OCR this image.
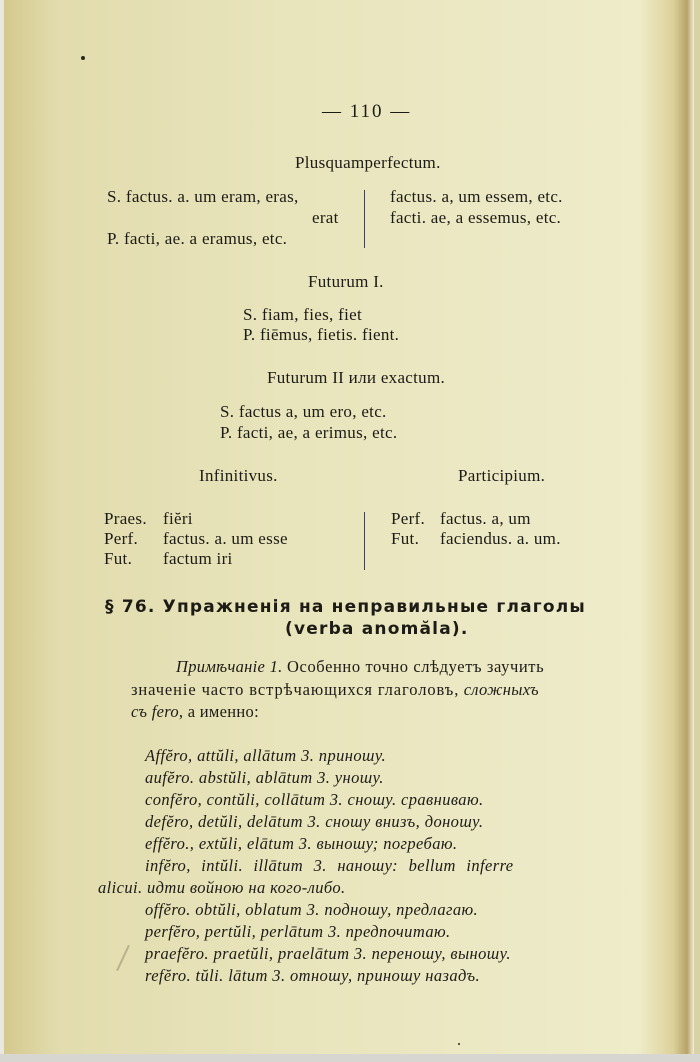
— 110 —
Plusquamperfectum.
S. factus. a. um eram, eras,
erat
P. facti, ae. a eramus, etc.
factus. a, um essem, etc.
facti. ae, a essemus, etc.
Futurum I.
S. fiam, fies, fiet
P. fiēmus, fietis. fient.
Futurum II или exactum.
S. factus a, um ero, etc.
P. facti, ae, a erimus, etc.
Infinitivus.	Participium.
Praes. fiĕri
Perf. factus. a. um esse
Fut. factum iri
Perf. factus. a, um
Fut. faciendus. a. um.
§ 76. Упражненія на неправильные глаголы
(verba anomăla).
Примѣчаніе 1. Особенно точно слѣдуетъ заучить
значеніе часто встрѣчающихся глаголовъ, сложныхъ
съ fero, а именно:
Affĕro, attŭli, allātum 3. приношу.
aufĕro. abstŭli, ablātum 3. уношу.
confĕro, contŭli, collātum 3. сношу. сравниваю.
defĕro, detŭli, delātum 3. сношу внизъ, доношу.
effĕro., extŭli, elātum 3. выношу; погребаю.
infĕro, intŭli. illātum 3. наношу: bellum inferre
alicui. идти войною на кого-либо.
offĕro. obtŭli, oblatum 3. подношу, предлагаю.
perfĕro, pertŭli, perlātum 3. предпочитаю.
praefĕro. praetŭli, praelātum 3. переношу, выношу.
refĕro. tŭli. lātum 3. отношу, приношу назадъ.
